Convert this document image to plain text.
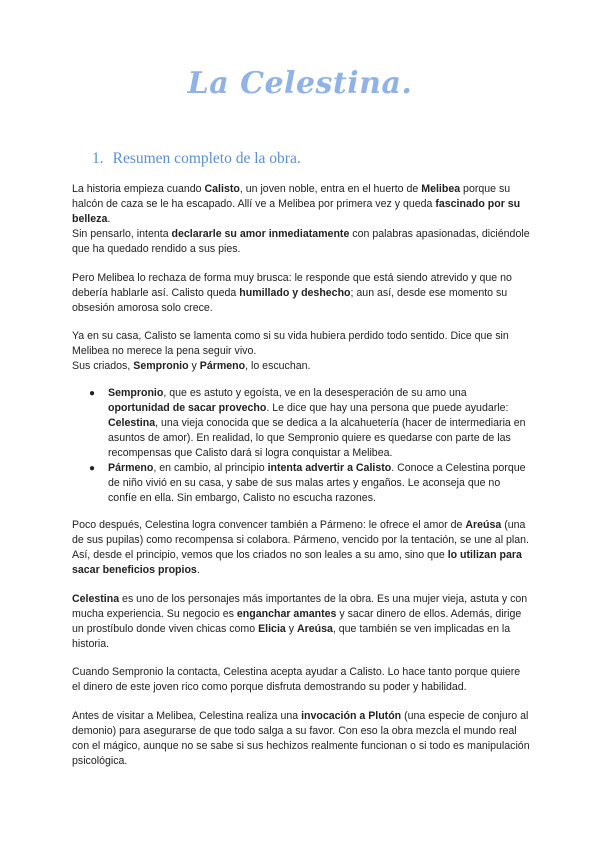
La Celestina.
1. Resumen completo de la obra.

La historia empieza cuando Calisto, un joven noble, entra en el huerto de Melibea porque su halcón de caza se le ha escapado. Allí ve a Melibea por primera vez y queda fascinado por su belleza.
Sin pensarlo, intenta declararle su amor inmediatamente con palabras apasionadas, diciéndole que ha quedado rendido a sus pies.

Pero Melibea lo rechaza de forma muy brusca: le responde que está siendo atrevido y que no debería hablarle así. Calisto queda humillado y deshecho; aun así, desde ese momento su obsesión amorosa solo crece.

Ya en su casa, Calisto se lamenta como si su vida hubiera perdido todo sentido. Dice que sin Melibea no merece la pena seguir vivo.
Sus criados, Sempronio y Pármeno, lo escuchan.

● Sempronio, que es astuto y egoísta, ve en la desesperación de su amo una oportunidad de sacar provecho. Le dice que hay una persona que puede ayudarle: Celestina, una vieja conocida que se dedica a la alcahuetería (hacer de intermediaria en asuntos de amor). En realidad, lo que Sempronio quiere es quedarse con parte de las recompensas que Calisto dará si logra conquistar a Melibea.
● Pármeno, en cambio, al principio intenta advertir a Calisto. Conoce a Celestina porque de niño vivió en su casa, y sabe de sus malas artes y engaños. Le aconseja que no confíe en ella. Sin embargo, Calisto no escucha razones.

Poco después, Celestina logra convencer también a Pármeno: le ofrece el amor de Areúsa (una de sus pupilas) como recompensa si colabora. Pármeno, vencido por la tentación, se une al plan. Así, desde el principio, vemos que los criados no son leales a su amo, sino que lo utilizan para sacar beneficios propios.

Celestina es uno de los personajes más importantes de la obra. Es una mujer vieja, astuta y con mucha experiencia. Su negocio es enganchar amantes y sacar dinero de ellos. Además, dirige un prostíbulo donde viven chicas como Elicia y Areúsa, que también se ven implicadas en la historia.

Cuando Sempronio la contacta, Celestina acepta ayudar a Calisto. Lo hace tanto porque quiere el dinero de este joven rico como porque disfruta demostrando su poder y habilidad.

Antes de visitar a Melibea, Celestina realiza una invocación a Plutón (una especie de conjuro al demonio) para asegurarse de que todo salga a su favor. Con eso la obra mezcla el mundo real con el mágico, aunque no se sabe si sus hechizos realmente funcionan o si todo es manipulación psicológica.
